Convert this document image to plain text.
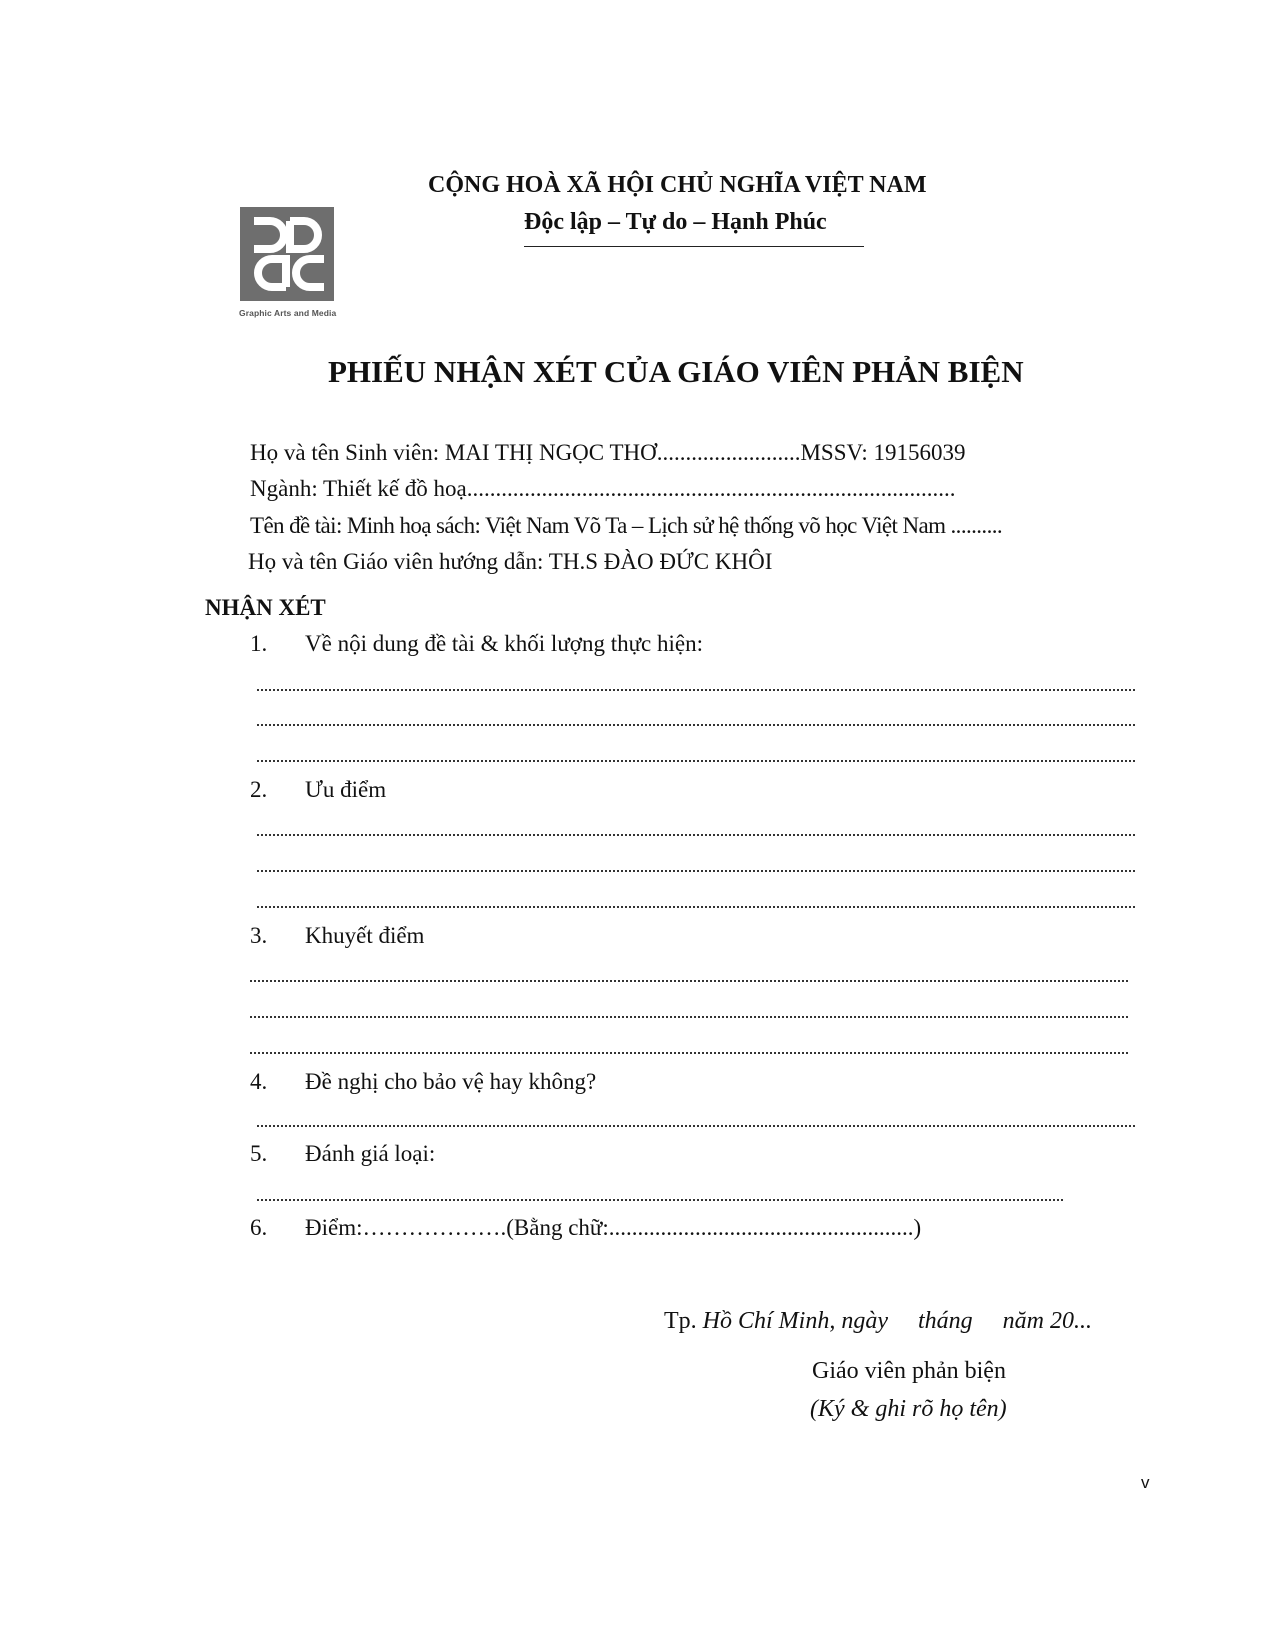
Graphic Arts and Media
CỘNG HOÀ XÃ HỘI CHỦ NGHĨA VIỆT NAM
Độc lập – Tự do – Hạnh Phúc
PHIẾU NHẬN XÉT CỦA GIÁO VIÊN PHẢN BIỆN
Họ và tên Sinh viên: MAI THỊ NGỌC THƠ.........................MSSV: 19156039
Ngành: Thiết kế đồ hoạ.....................................................................................
Tên đề tài: Minh hoạ sách: Việt Nam Võ Ta – Lịch sử hệ thống võ học Việt Nam ..........
Họ và tên Giáo viên hướng dẫn: TH.S ĐÀO ĐỨC KHÔI
NHẬN XÉT
1. Về nội dung đề tài & khối lượng thực hiện:
2. Ưu điểm
3. Khuyết điểm
4. Đề nghị cho bảo vệ hay không?
5. Đánh giá loại:
6. Điểm:……………….(Bằng chữ:.....................................................)
Tp. Hồ Chí Minh, ngày     tháng     năm 20...
Giáo viên phản biện
(Ký & ghi rõ họ tên)
v
